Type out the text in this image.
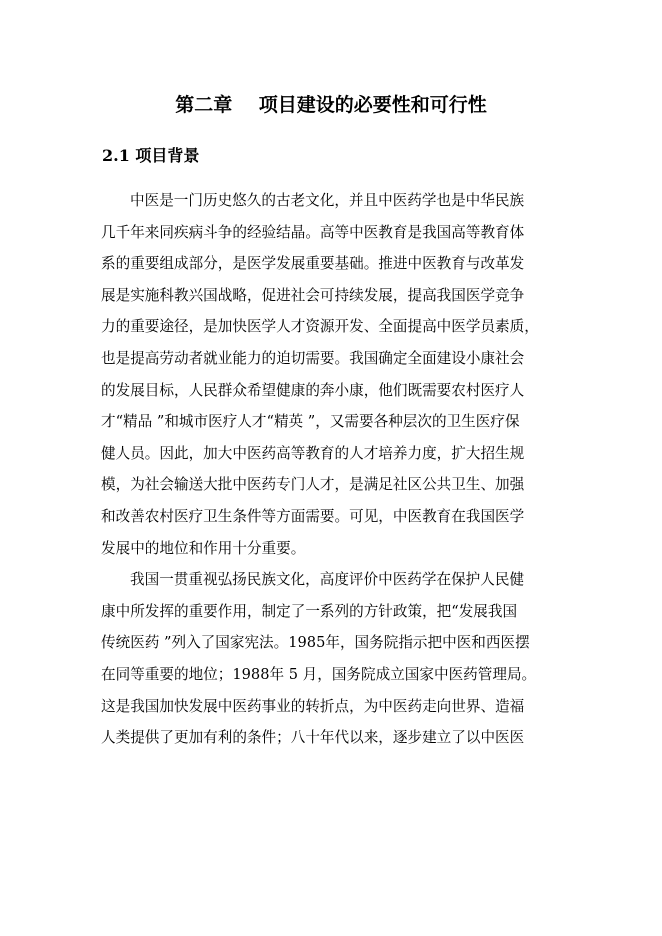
第二章    项目建设的必要性和可行性
2.1 项目背景
中医是一门历史悠久的古老文化，并且中医药学也是中华民族
几千年来同疾病斗争的经验结晶。高等中医教育是我国高等教育体
系的重要组成部分，是医学发展重要基础。推进中医教育与改革发
展是实施科教兴国战略，促进社会可持续发展，提高我国医学竞争
力的重要途径，是加快医学人才资源开发、全面提高中医学员素质，
也是提高劳动者就业能力的迫切需要。我国确定全面建设小康社会
的发展目标，人民群众希望健康的奔小康，他们既需要农村医疗人
才“精品 ”和城市医疗人才“精英 ”，又需要各种层次的卫生医疗保
健人员。因此，加大中医药高等教育的人才培养力度，扩大招生规
模，为社会输送大批中医药专门人才，是满足社区公共卫生、加强
和改善农村医疗卫生条件等方面需要。可见，中医教育在我国医学
发展中的地位和作用十分重要。
我国一贯重视弘扬民族文化，高度评价中医药学在保护人民健
康中所发挥的重要作用，制定了一系列的方针政策，把“发展我国
传统医药 ”列入了国家宪法。1985年，国务院指示把中医和西医摆
在同等重要的地位；1988年 5 月，国务院成立国家中医药管理局。
这是我国加快发展中医药事业的转折点，为中医药走向世界、造福
人类提供了更加有利的条件；八十年代以来，逐步建立了以中医医
